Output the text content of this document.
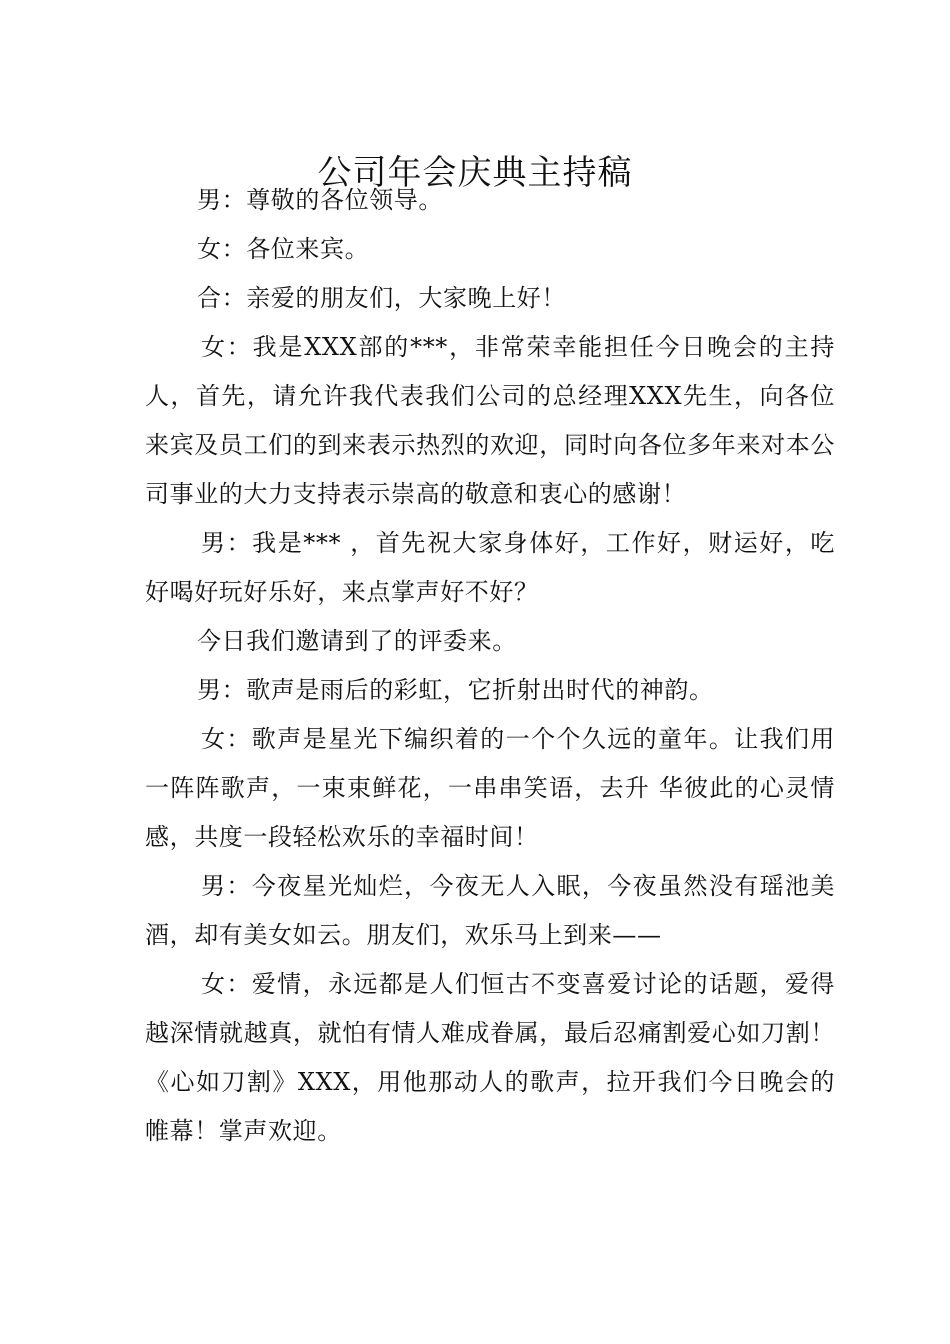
公司年会庆典主持稿

男：尊敬的各位领导。

女：各位来宾。

合：亲爱的朋友们，大家晚上好！

女：我是XXX部的***，非常荣幸能担任今日晚会的主持人，首先，请允许我代表我们公司的总经理XXX先生，向各位来宾及员工们的到来表示热烈的欢迎，同时向各位多年来对本公司事业的大力支持表示崇高的敬意和衷心的感谢！

男：我是*** ，首先祝大家身体好，工作好，财运好，吃好喝好玩好乐好，来点掌声好不好？

今日我们邀请到了的评委来。

男：歌声是雨后的彩虹，它折射出时代的神韵。

女：歌声是星光下编织着的一个个久远的童年。让我们用一阵阵歌声，一束束鲜花，一串串笑语，去升 华彼此的心灵情感，共度一段轻松欢乐的幸福时间！

男：今夜星光灿烂，今夜无人入眠，今夜虽然没有瑶池美酒，却有美女如云。朋友们，欢乐马上到来——

女：爱情，永远都是人们恒古不变喜爱讨论的话题，爱得越深情就越真，就怕有情人难成眷属，最后忍痛割爱心如刀割！《心如刀割》XXX，用他那动人的歌声，拉开我们今日晚会的帷幕！掌声欢迎。
